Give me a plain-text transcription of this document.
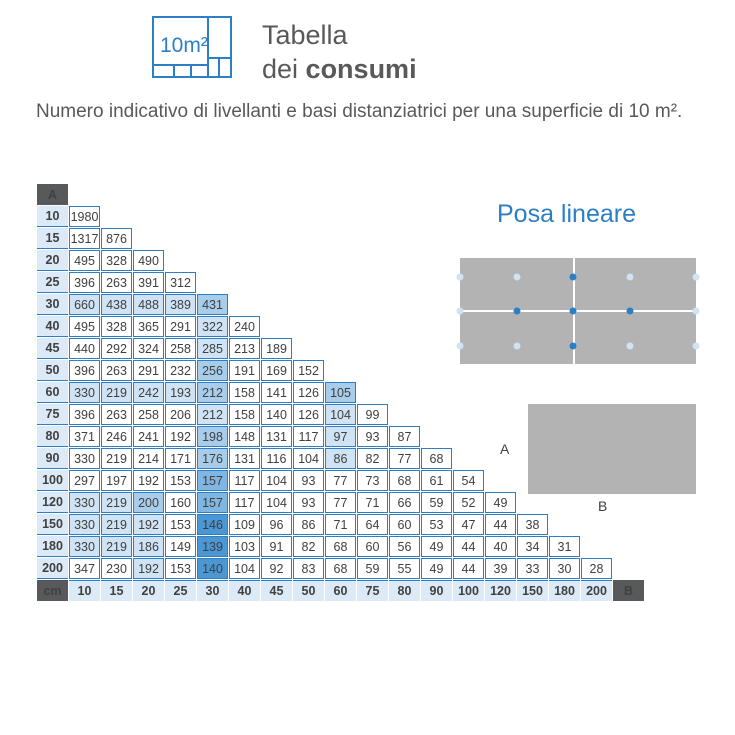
10m² Tabella
dei consumi
Numero indicativo di livellanti e basi distanziatrici per una superficie di 10 m².
A																		
10	1980																	
15	1317	876																
20	495	328	490															
25	396	263	391	312														
30	660	438	488	389	431													
40	495	328	365	291	322	240												
45	440	292	324	258	285	213	189											
50	396	263	291	232	256	191	169	152										
60	330	219	242	193	212	158	141	126	105									
75	396	263	258	206	212	158	140	126	104	99								
80	371	246	241	192	198	148	131	117	97	93	87							
90	330	219	214	171	176	131	116	104	86	82	77	68						
100	297	197	192	153	157	117	104	93	77	73	68	61	54					
120	330	219	200	160	157	117	104	93	77	71	66	59	52	49				
150	330	219	192	153	146	109	96	86	71	64	60	53	47	44	38			
180	330	219	186	149	139	103	91	82	68	60	56	49	44	40	34	31		
200	347	230	192	153	140	104	92	83	68	59	55	49	44	39	33	30	28	
cm	10	15	20	25	30	40	45	50	60	75	80	90	100	120	150	180	200	B
Posa lineare
A
B
